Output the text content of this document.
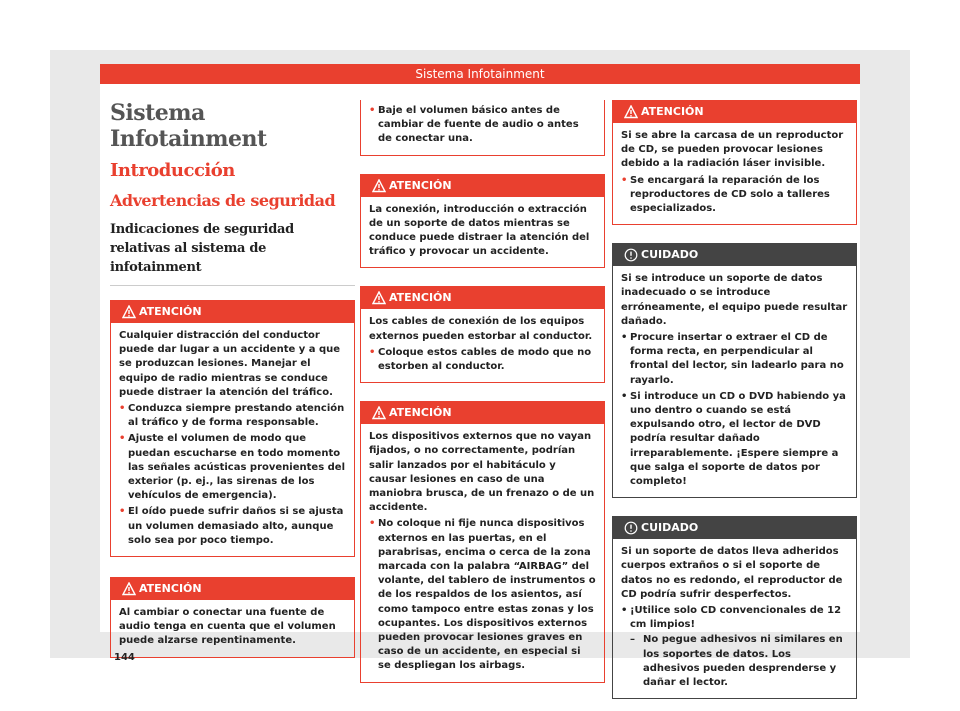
Sistema Infotainment
Sistema Infotainment
Introducción
Advertencias de seguridad
Indicaciones de seguridad relativas al sistema de infotainment
ATENCIÓN

Cualquier distracción del conductor puede dar lugar a un accidente y a que se produzcan lesiones. Manejar el equipo de radio mientras se conduce puede distraer la atención del tráfico.

• Conduzca siempre prestando atención al tráfico y de forma responsable.
• Ajuste el volumen de modo que puedan escucharse en todo momento las señales acústicas provenientes del exterior (p. ej., las sirenas de los vehículos de emergencia).
• El oído puede sufrir daños si se ajusta un volumen demasiado alto, aunque solo sea por poco tiempo.
ATENCIÓN

Al cambiar o conectar una fuente de audio tenga en cuenta que el volumen puede alzarse repentinamente.

• Baje el volumen básico antes de cambiar de fuente de audio o antes de conectar una.
ATENCIÓN

La conexión, introducción o extracción de un soporte de datos mientras se conduce puede distraer la atención del tráfico y provocar un accidente.

ATENCIÓN

Los cables de conexión de los equipos externos pueden estorbar al conductor.

• Coloque estos cables de modo que no estorben al conductor.
ATENCIÓN

Los dispositivos externos que no vayan fijados, o no correctamente, podrían salir lanzados por el habitáculo y causar lesiones en caso de una maniobra brusca, de un frenazo o de un accidente.

• No coloque ni fije nunca dispositivos externos en las puertas, en el parabrisas, encima o cerca de la zona marcada con la palabra “AIRBAG” del volante, del tablero de instrumentos o de los respaldos de los asientos, así como tampoco entre estas zonas y los ocupantes. Los dispositivos externos pueden provocar lesiones graves en caso de un accidente, en especial si se despliegan los airbags.
ATENCIÓN

Si se abre la carcasa de un reproductor de CD, se pueden provocar lesiones debido a la radiación láser invisible.

• Se encargará la reparación de los reproductores de CD solo a talleres especializados.
CUIDADO

Si se introduce un soporte de datos inadecuado o se introduce erróneamente, el equipo puede resultar dañado.

• Procure insertar o extraer el CD de forma recta, en perpendicular al frontal del lector, sin ladearlo para no rayarlo.
• Si introduce un CD o DVD habiendo ya uno dentro o cuando se está expulsando otro, el lector de DVD podría resultar dañado irreparablemente. ¡Espere siempre a que salga el soporte de datos por completo!
CUIDADO

Si un soporte de datos lleva adheridos cuerpos extraños o si el soporte de datos no es redondo, el reproductor de CD podría sufrir desperfectos.

• ¡Utilice solo CD convencionales de 12 cm limpios!
– No pegue adhesivos ni similares en los soportes de datos. Los adhesivos pueden desprenderse y dañar el lector.
144
